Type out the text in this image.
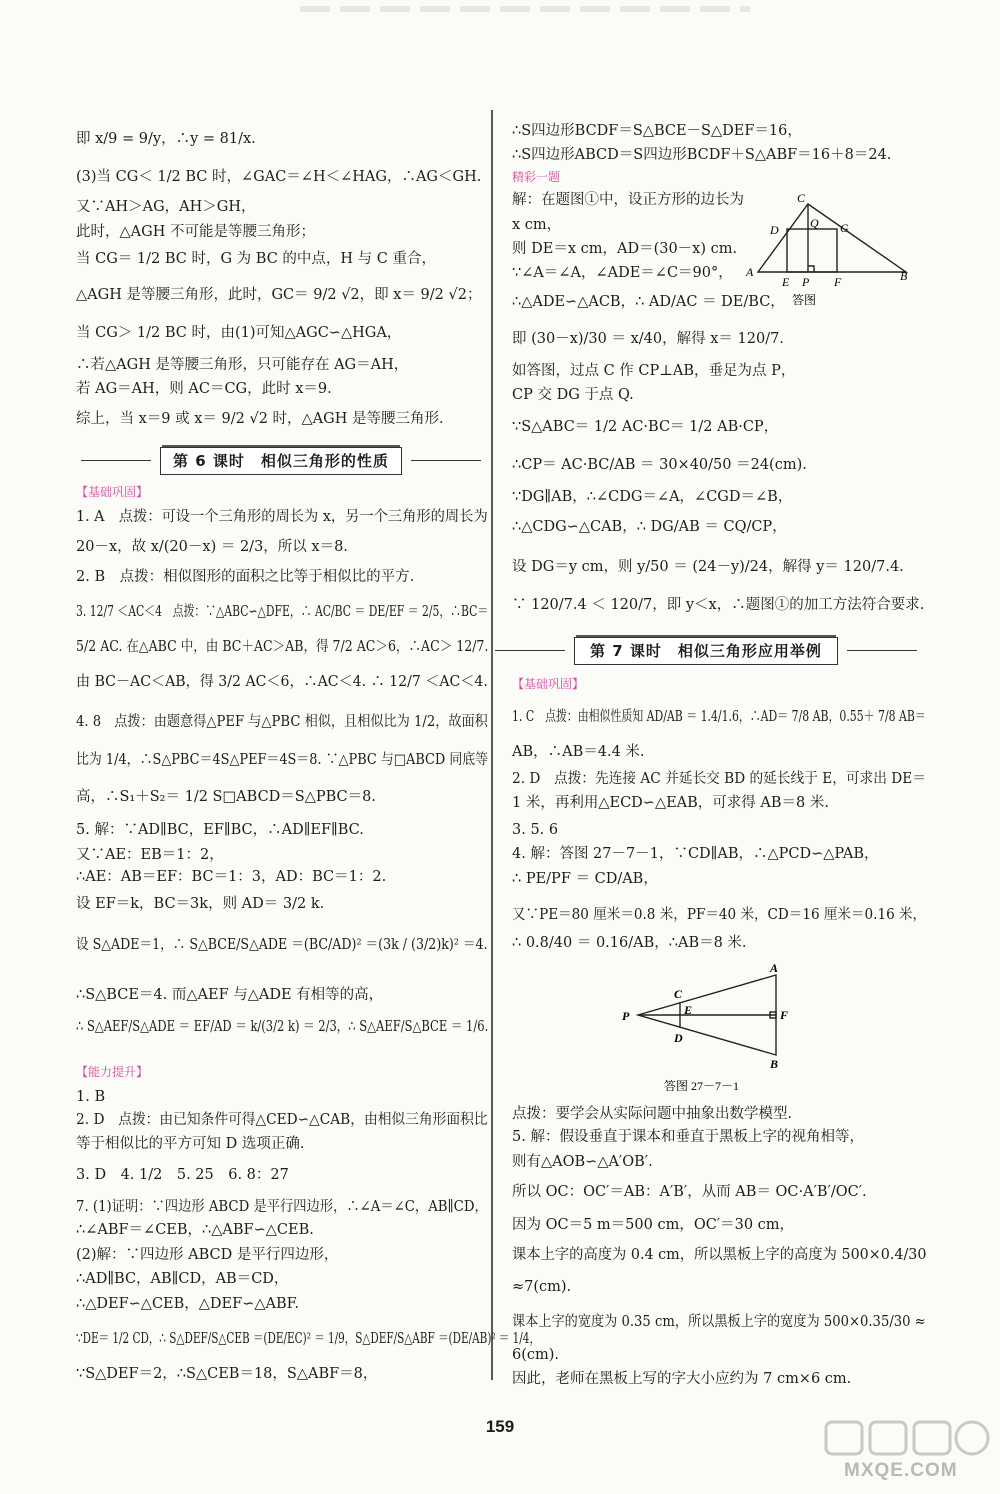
即 x/9 = 9/y，∴y = 81/x.
(3)当 CG＜ 1/2 BC 时，∠GAC＝∠H＜∠HAG，∴AG＜GH.
又∵AH＞AG，AH＞GH，
此时，△AGH 不可能是等腰三角形；
当 CG＝ 1/2 BC 时，G 为 BC 的中点，H 与 C 重合，
△AGH 是等腰三角形，此时，GC＝ 9/2 √2，即 x＝ 9/2 √2；
当 CG＞ 1/2 BC 时，由(1)可知△AGC∽△HGA，
∴若△AGH 是等腰三角形，只可能存在 AG＝AH，
若 AG＝AH，则 AC＝CG，此时 x＝9.
综上，当 x＝9 或 x＝ 9/2 √2 时，△AGH 是等腰三角形.
【基础巩固】
1. A　点拨：可设一个三角形的周长为 x，另一个三角形的周长为
20－x，故 x/(20－x) ＝ 2/3，所以 x＝8.
2. B　点拨：相似图形的面积之比等于相似比的平方.
3. 12/7 ＜AC＜4　点拨：∵△ABC∽△DFE，∴ AC/BC ＝ DE/EF ＝ 2/5，∴BC＝
5/2 AC. 在△ABC 中，由 BC＋AC＞AB，得 7/2 AC＞6，∴AC＞ 12/7.
由 BC－AC＜AB，得 3/2 AC＜6，∴AC＜4. ∴ 12/7 ＜AC＜4.
4. 8　点拨：由题意得△PEF 与△PBC 相似，且相似比为 1/2，故面积
比为 1/4，∴S△PBC＝4S△PEF＝4S＝8. ∵△PBC 与□ABCD 同底等
高，∴S₁＋S₂＝ 1/2 S□ABCD＝S△PBC＝8.
5. 解：∵AD∥BC，EF∥BC，∴AD∥EF∥BC.
又∵AE：EB＝1：2，
∴AE：AB＝EF：BC＝1：3，AD：BC＝1：2.
设 EF＝k，BC＝3k，则 AD＝ 3/2 k.
设 S△ADE＝1，∴ S△BCE/S△ADE ＝(BC/AD)² ＝(3k / (3/2)k)² ＝4.
∴S△BCE＝4. 而△AEF 与△ADE 有相等的高，
∴ S△AEF/S△ADE ＝ EF/AD ＝ k/(3/2 k) ＝ 2/3，∴ S△AEF/S△BCE ＝ 1/6.
【能力提升】
1. B
2. D　点拨：由已知条件可得△CED∽△CAB，由相似三角形面积比
等于相似比的平方可知 D 选项正确.
3. D　4. 1/2　5. 25　6. 8：27
7. (1)证明：∵四边形 ABCD 是平行四边形，∴∠A＝∠C，AB∥CD，
∴∠ABF＝∠CEB，∴△ABF∽△CEB.
(2)解：∵四边形 ABCD 是平行四边形，
∴AD∥BC，AB∥CD，AB＝CD，
∴△DEF∽△CEB，△DEF∽△ABF.
∵DE＝ 1/2 CD，∴ S△DEF/S△CEB ＝(DE/EC)² ＝ 1/9，S△DEF/S△ABF ＝(DE/AB)² ＝ 1/4，
∵S△DEF＝2，∴S△CEB＝18，S△ABF＝8，
∴S四边形BCDF＝S△BCE－S△DEF＝16，
∴S四边形ABCD＝S四边形BCDF＋S△ABF＝16＋8＝24.
精彩一题
解：在题图①中，设正方形的边长为
x cm，
则 DE＝x cm，AD＝(30－x) cm.
∵∠A＝∠A，∠ADE＝∠C＝90°，
∴△ADE∽△ACB，∴ AD/AC ＝ DE/BC，
即 (30－x)/30 ＝ x/40，解得 x＝ 120/7.
如答图，过点 C 作 CP⊥AB，垂足为点 P，
CP 交 DG 于点 Q.
∵S△ABC＝ 1/2 AC·BC＝ 1/2 AB·CP，
∴CP＝ AC·BC/AB ＝ 30×40/50 ＝24(cm).
∵DG∥AB，∴∠CDG＝∠A，∠CGD＝∠B，
∴△CDG∽△CAB，∴ DG/AB ＝ CQ/CP，
设 DG＝y cm，则 y/50 ＝ (24－y)/24，解得 y＝ 120/7.4.
∵ 120/7.4 ＜ 120/7，即 y＜x，∴题图①的加工方法符合要求.
【基础巩固】
1. C　点拨：由相似性质知 AD/AB ＝ 1.4/1.6，∴AD＝ 7/8 AB，0.55＋ 7/8 AB＝
AB，∴AB＝4.4 米.
2. D　点拨：先连接 AC 并延长交 BD 的延长线于 E，可求出 DE＝
1 米，再利用△ECD∽△EAB，可求得 AB＝8 米.
3. 5. 6
4. 解：答图 27－7－1，∵CD∥AB，∴△PCD∽△PAB，
∴ PE/PF ＝ CD/AB，
又∵PE＝80 厘米＝0.8 米，PF＝40 米，CD＝16 厘米＝0.16 米，
∴ 0.8/40 ＝ 0.16/AB，∴AB＝8 米.
点拨：要学会从实际问题中抽象出数学模型.
5. 解：假设垂直于课本和垂直于黑板上字的视角相等，
则有△AOB∽△A′OB′.
所以 OC：OC′＝AB：A′B′，从而 AB＝ OC·A′B′/OC′.
因为 OC＝5 m＝500 cm，OC′＝30 cm，
课本上字的高度为 0.4 cm，所以黑板上字的高度为 500×0.4/30
≈7(cm).
课本上字的宽度为 0.35 cm，所以黑板上字的宽度为 500×0.35/30 ≈
6(cm).
因此，老师在黑板上写的字大小应约为 7 cm×6 cm.
第 6 课时　相似三角形的性质
第 7 课时　相似三角形应用举例
C
D	Q G
A
E P F	B
答图
A
B
C
D
E	F
P
答图 27－7－1
159
MXQE.COM
